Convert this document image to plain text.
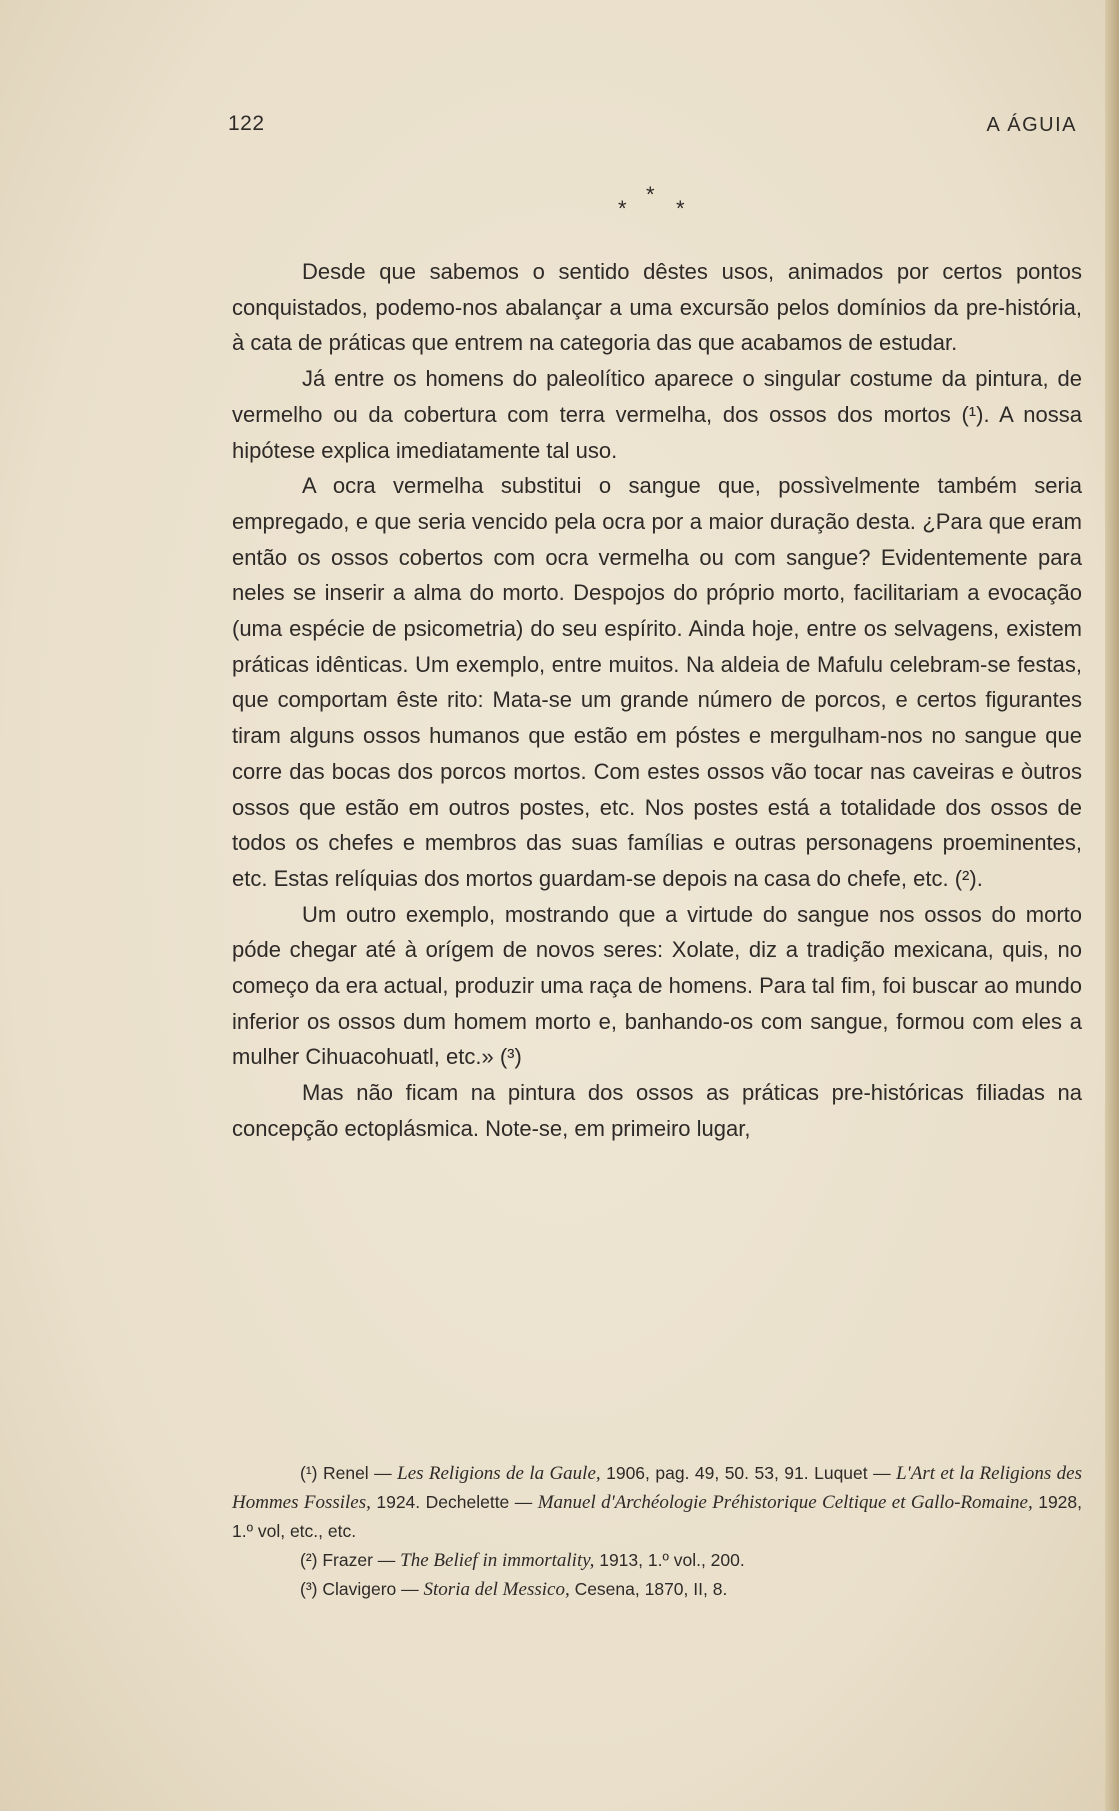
122	A ÁGUIA
*
* *

Desde que sabemos o sentido dêstes usos, animados por certos pontos conquistados, podemo-nos abalançar a uma excursão pelos domínios da pre-história, à cata de práticas que entrem na categoria das que acabamos de estudar.

Já entre os homens do paleolítico aparece o singular costume da pintura, de vermelho ou da cobertura com terra vermelha, dos ossos dos mortos (¹). A nossa hipótese explica imediatamente tal uso.

A ocra vermelha substitui o sangue que, possìvelmente também seria empregado, e que seria vencido pela ocra por a maior duração desta. ¿Para que eram então os ossos cobertos com ocra vermelha ou com sangue? Evidentemente para neles se inserir a alma do morto. Despojos do próprio morto, facilitariam a evocação (uma espécie de psicometria) do seu espírito. Ainda hoje, entre os selvagens, existem práticas idênticas. Um exemplo, entre muitos. Na aldeia de Mafulu celebram-se festas, que comportam êste rito: Mata-se um grande número de porcos, e certos figurantes tiram alguns ossos humanos que estão em póstes e mergulham-nos no sangue que corre das bocas dos porcos mortos. Com estes ossos vão tocar nas caveiras e òutros ossos que estão em outros postes, etc. Nos postes está a totalidade dos ossos de todos os chefes e membros das suas famílias e outras personagens proeminentes, etc. Estas relíquias dos mortos guardam-se depois na casa do chefe, etc. (²).

Um outro exemplo, mostrando que a virtude do sangue nos ossos do morto póde chegar até à orígem de novos seres: Xolate, diz a tradição mexicana, quis, no começo da era actual, produzir uma raça de homens. Para tal fim, foi buscar ao mundo inferior os ossos dum homem morto e, banhando-os com sangue, formou com eles a mulher Cihuacohuatl, etc.» (³)

Mas não ficam na pintura dos ossos as práticas pre-históricas filiadas na concepção ectoplásmica. Note-se, em primeiro lugar,

(¹) Renel — Les Religions de la Gaule, 1906, pag. 49, 50. 53, 91. Luquet — L'Art et la Religions des Hommes Fossiles, 1924. Dechelette — Manuel d'Archéologie Préhistorique Celtique et Gallo-Romaine, 1928, 1.º vol, etc., etc.

(²) Frazer — The Belief in immortality, 1913, 1.º vol., 200.

(³) Clavigero — Storia del Messico, Cesena, 1870, II, 8.
